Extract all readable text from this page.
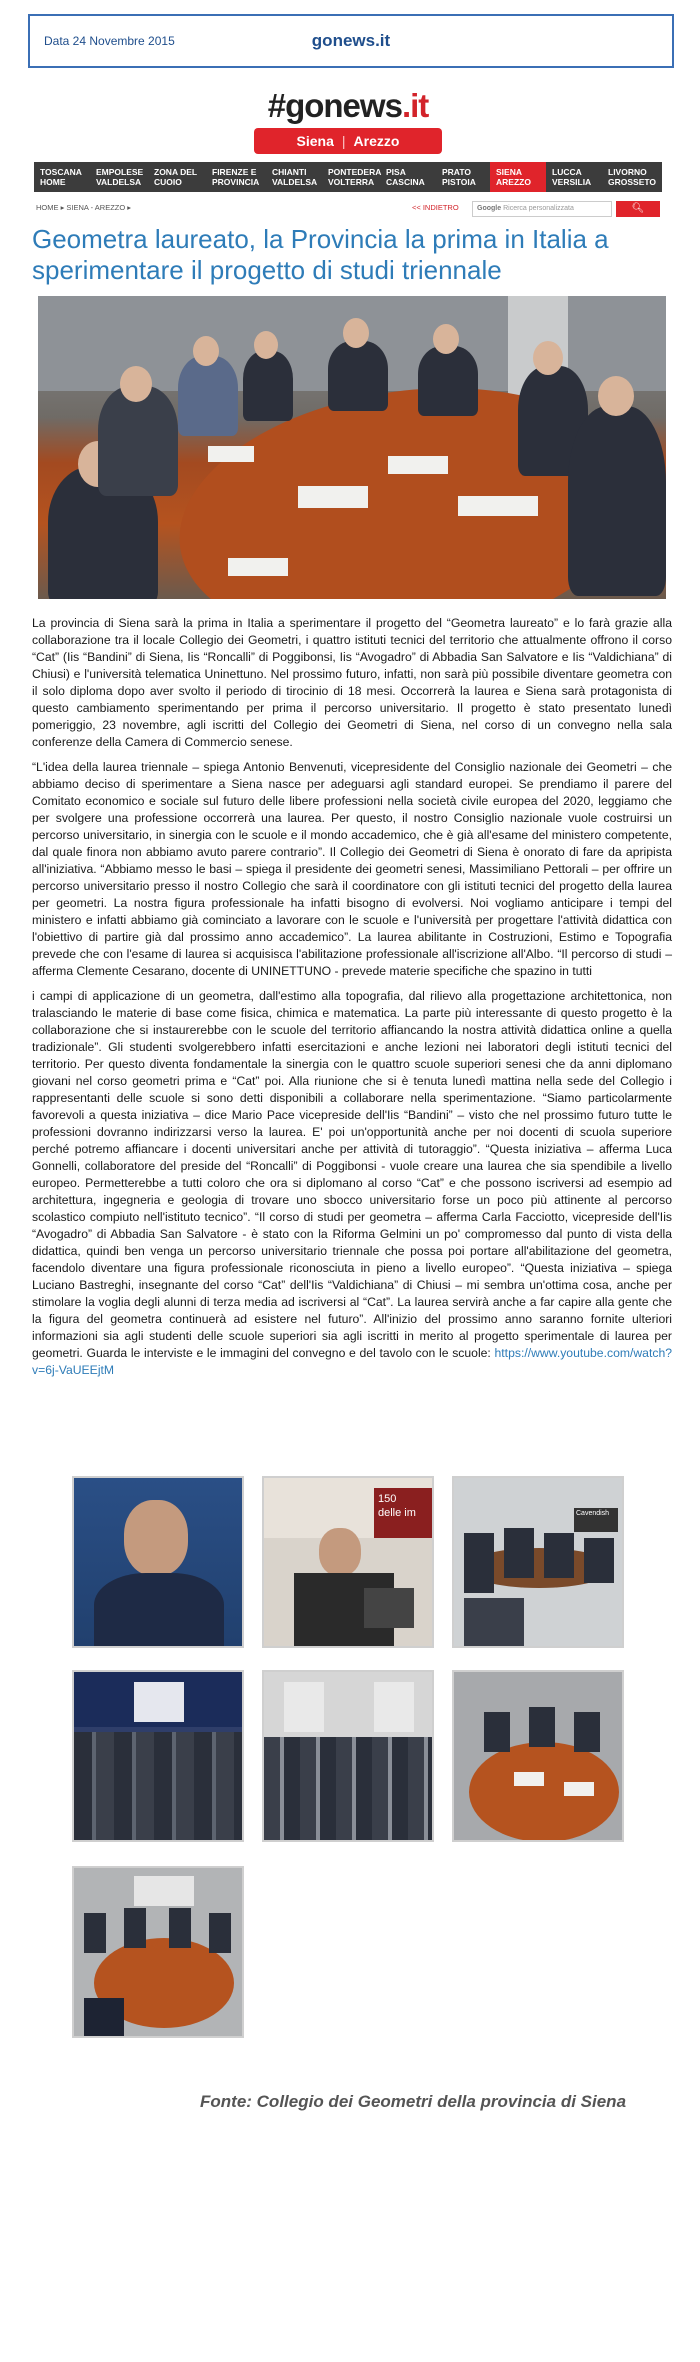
Data 24 Novembre 2015	gonews.it
#gonews.it
Siena | Arezzo
TOSCANA
HOME
EMPOLESE
VALDELSA
ZONA DEL
CUOIO
FIRENZE E
PROVINCIA
CHIANTI
VALDELSA
PONTEDERA
VOLTERRA
PISA
CASCINA
PRATO
PISTOIA
SIENA
AREZZO
LUCCA
VERSILIA
LIVORNO
GROSSETO
HOME ▸ SIENA - AREZZO ▸	<< INDIETRO	Google Ricerca personalizzata	🔍︎
Geometra laureato, la Provincia la prima in Italia a sperimentare il progetto di studi triennale

La provincia di Siena sarà la prima in Italia a sperimentare il progetto del “Geometra laureato” e lo farà grazie alla collaborazione tra il locale Collegio dei Geometri, i quattro istituti tecnici del territorio che attualmente offrono il corso “Cat” (Iis “Bandini” di Siena, Iis “Roncalli” di Poggibonsi, Iis “Avogadro” di Abbadia San Salvatore e Iis “Valdichiana” di Chiusi) e l'università telematica Uninettuno. Nel prossimo futuro, infatti, non sarà più possibile diventare geometra con il solo diploma dopo aver svolto il periodo di tirocinio di 18 mesi. Occorrerà la laurea e Siena sarà protagonista di questo cambiamento sperimentando per prima il percorso universitario. Il progetto è stato presentato lunedì pomeriggio, 23 novembre, agli iscritti del Collegio dei Geometri di Siena, nel corso di un convegno nella sala conferenze della Camera di Commercio senese.

“L'idea della laurea triennale – spiega Antonio Benvenuti, vicepresidente del Consiglio nazionale dei Geometri – che abbiamo deciso di sperimentare a Siena nasce per adeguarsi agli standard europei. Se prendiamo il parere del Comitato economico e sociale sul futuro delle libere professioni nella società civile europea del 2020, leggiamo che per svolgere una professione occorrerà una laurea. Per questo, il nostro Consiglio nazionale vuole costruirsi un percorso universitario, in sinergia con le scuole e il mondo accademico, che è già all'esame del ministero competente, dal quale finora non abbiamo avuto parere contrario”. Il Collegio dei Geometri di Siena è onorato di fare da apripista all'iniziativa. “Abbiamo messo le basi – spiega il presidente dei geometri senesi, Massimiliano Pettorali – per offrire un percorso universitario presso il nostro Collegio che sarà il coordinatore con gli istituti tecnici del progetto della laurea per geometri. La nostra figura professionale ha infatti bisogno di evolversi. Noi vogliamo anticipare i tempi del ministero e infatti abbiamo già cominciato a lavorare con le scuole e l'università per progettare l'attività didattica con l'obiettivo di partire già dal prossimo anno accademico”. La laurea abilitante in Costruzioni, Estimo e Topografia prevede che con l'esame di laurea si acquisisca l'abilitazione professionale all'iscrizione all'Albo. “Il percorso di studi – afferma Clemente Cesarano, docente di UNINETTUNO - prevede materie specifiche che spazino in tutti

i campi di applicazione di un geometra, dall'estimo alla topografia, dal rilievo alla progettazione architettonica, non tralasciando le materie di base come fisica, chimica e matematica. La parte più interessante di questo progetto è la collaborazione che si instaurerebbe con le scuole del territorio affiancando la nostra attività didattica online a quella tradizionale”. Gli studenti svolgerebbero infatti esercitazioni e anche lezioni nei laboratori degli istituti tecnici del territorio. Per questo diventa fondamentale la sinergia con le quattro scuole superiori senesi che da anni diplomano giovani nel corso geometri prima e “Cat” poi. Alla riunione che si è tenuta lunedì mattina nella sede del Collegio i rappresentanti delle scuole si sono detti disponibili a collaborare nella sperimentazione. “Siamo particolarmente favorevoli a questa iniziativa – dice Mario Pace vicepreside dell'Iis “Bandini” – visto che nel prossimo futuro tutte le professioni dovranno indirizzarsi verso la laurea. E' poi un'opportunità anche per noi docenti di scuola superiore perché potremo affiancare i docenti universitari anche per attività di tutoraggio”. “Questa iniziativa – afferma Luca Gonnelli, collaboratore del preside del “Roncalli” di Poggibonsi - vuole creare una laurea che sia spendibile a livello europeo. Permetterebbe a tutti coloro che ora si diplomano al corso “Cat” e che possono iscriversi ad esempio ad architettura, ingegneria e geologia di trovare uno sbocco universitario forse un poco più attinente al percorso scolastico compiuto nell'istituto tecnico”. “Il corso di studi per geometra – afferma Carla Facciotto, vicepreside dell'Iis “Avogadro” di Abbadia San Salvatore - è stato con la Riforma Gelmini un po' compromesso dal punto di vista della didattica, quindi ben venga un percorso universitario triennale che possa poi portare all'abilitazione del geometra, facendolo diventare una figura professionale riconosciuta in pieno a livello europeo”. “Questa iniziativa – spiega Luciano Bastreghi, insegnante del corso “Cat” dell'Iis “Valdichiana” di Chiusi – mi sembra un'ottima cosa, anche per stimolare la voglia degli alunni di terza media ad iscriversi al “Cat”. La laurea servirà anche a far capire alla gente che la figura del geometra continuerà ad esistere nel futuro”. All'inizio del prossimo anno saranno fornite ulteriori informazioni sia agli studenti delle scuole superiori sia agli iscritti in merito al progetto sperimentale di laurea per geometri. Guarda le interviste e le immagini del convegno e del tavolo con le scuole: https://www.youtube.com/watch?v=6j-VaUEEjtM

150
delle im	Cavendish
Fonte: Collegio dei Geometri della provincia di Siena
